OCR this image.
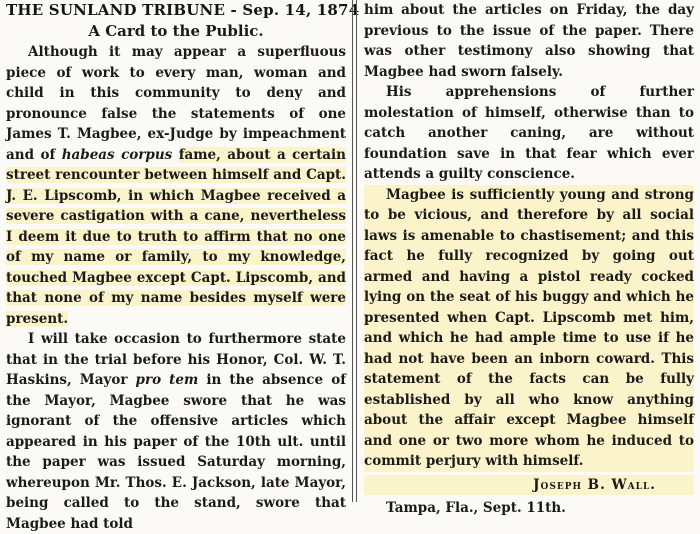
THE SUNLAND TRIBUNE - Sep. 14, 1874
A Card to the Public.

Although it may appear a superfluous piece of work to every man, woman and child in this community to deny and pronounce false the statements of one James T. Magbee, ex-Judge by impeachment and of habeas corpus fame, about a certain street rencounter between himself and Capt. J. E. Lipscomb, in which Magbee received a severe castigation with a cane, nevertheless I deem it due to truth to affirm that no one of my name or family, to my knowledge, touched Magbee except Capt. Lipscomb, and that none of my name besides myself were present.

I will take occasion to furthermore state that in the trial before his Honor, Col. W. T. Haskins, Mayor pro tem in the absence of the Mayor, Magbee swore that he was ignorant of the offensive articles which appeared in his paper of the 10th ult. until the paper was issued Saturday morning, whereupon Mr. Thos. E. Jackson, late Mayor, being called to the stand, swore that Magbee had told

him about the articles on Friday, the day previous to the issue of the paper. There was other testimony also showing that Magbee had sworn falsely.

His apprehensions of further molestation of himself, otherwise than to catch another caning, are without foundation save in that fear which ever attends a guilty conscience.

Magbee is sufficiently young and strong to be vicious, and therefore by all social laws is amenable to chastisement; and this fact he fully recognized by going out armed and having a pistol ready cocked lying on the seat of his buggy and which he presented when Capt. Lipscomb met him, and which he had ample time to use if he had not have been an inborn coward. This statement of the facts can be fully established by all who know anything about the affair except Magbee himself and one or two more whom he induced to commit perjury with himself.

Joseph B. Wall.
Tampa, Fla., Sept. 11th.
